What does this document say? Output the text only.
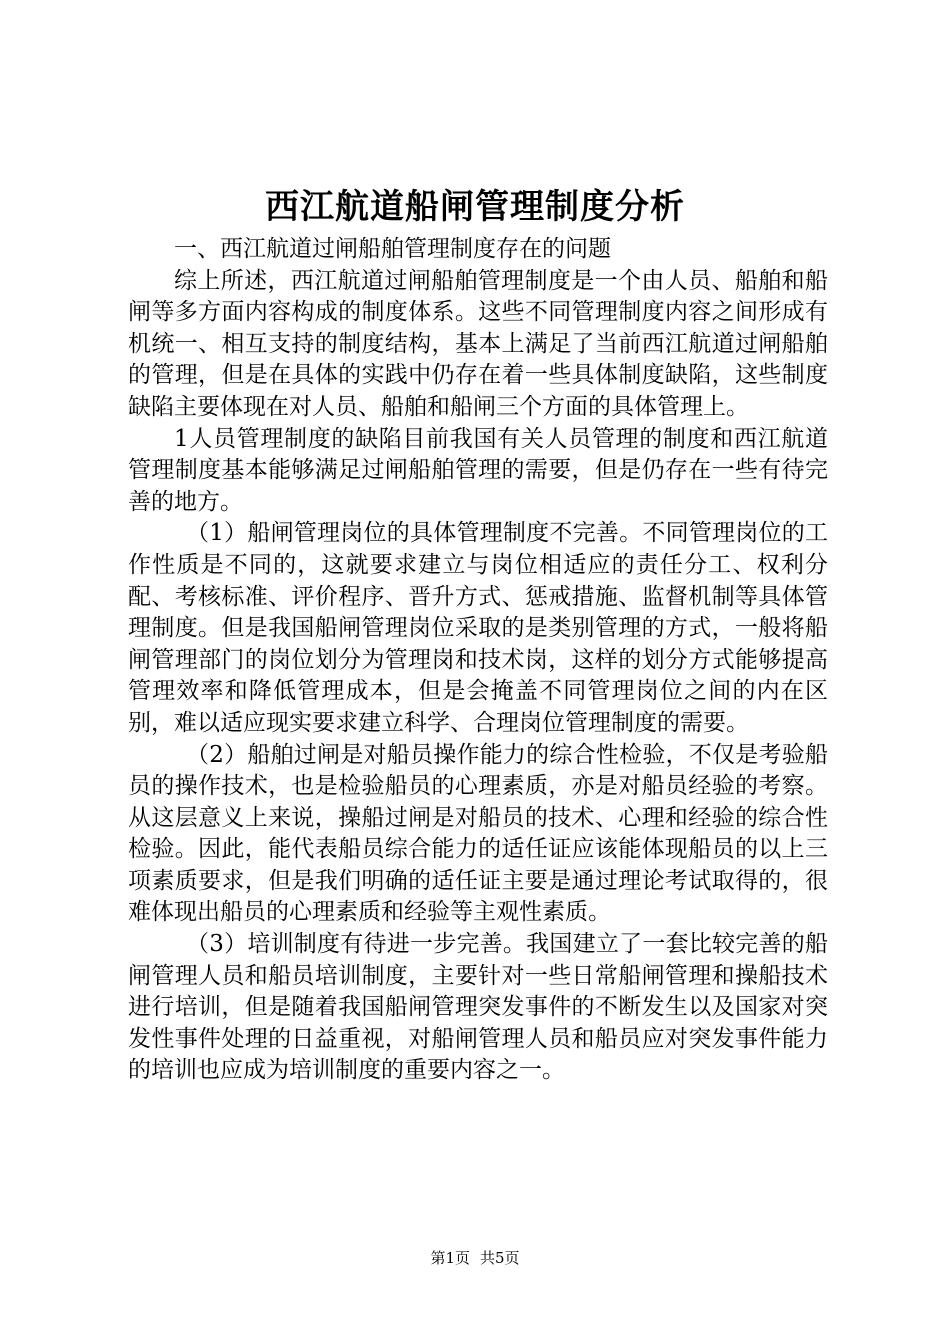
西江航道船闸管理制度分析

一、西江航道过闸船舶管理制度存在的问题

综上所述，西江航道过闸船舶管理制度是一个由人员、船舶和船闸等多方面内容构成的制度体系。这些不同管理制度内容之间形成有机统一、相互支持的制度结构，基本上满足了当前西江航道过闸船舶的管理，但是在具体的实践中仍存在着一些具体制度缺陷，这些制度缺陷主要体现在对人员、船舶和船闸三个方面的具体管理上。

1人员管理制度的缺陷目前我国有关人员管理的制度和西江航道管理制度基本能够满足过闸船舶管理的需要，但是仍存在一些有待完善的地方。

（1）船闸管理岗位的具体管理制度不完善。不同管理岗位的工作性质是不同的，这就要求建立与岗位相适应的责任分工、权利分配、考核标准、评价程序、晋升方式、惩戒措施、监督机制等具体管理制度。但是我国船闸管理岗位采取的是类别管理的方式，一般将船闸管理部门的岗位划分为管理岗和技术岗，这样的划分方式能够提高管理效率和降低管理成本，但是会掩盖不同管理岗位之间的内在区别，难以适应现实要求建立科学、合理岗位管理制度的需要。

（2）船舶过闸是对船员操作能力的综合性检验，不仅是考验船员的操作技术，也是检验船员的心理素质，亦是对船员经验的考察。从这层意义上来说，操船过闸是对船员的技术、心理和经验的综合性检验。因此，能代表船员综合能力的适任证应该能体现船员的以上三项素质要求，但是我们明确的适任证主要是通过理论考试取得的，很难体现出船员的心理素质和经验等主观性素质。

（3）培训制度有待进一步完善。我国建立了一套比较完善的船闸管理人员和船员培训制度，主要针对一些日常船闸管理和操船技术进行培训，但是随着我国船闸管理突发事件的不断发生以及国家对突发性事件处理的日益重视，对船闸管理人员和船员应对突发事件能力的培训也应成为培训制度的重要内容之一。

第1页 共5页
